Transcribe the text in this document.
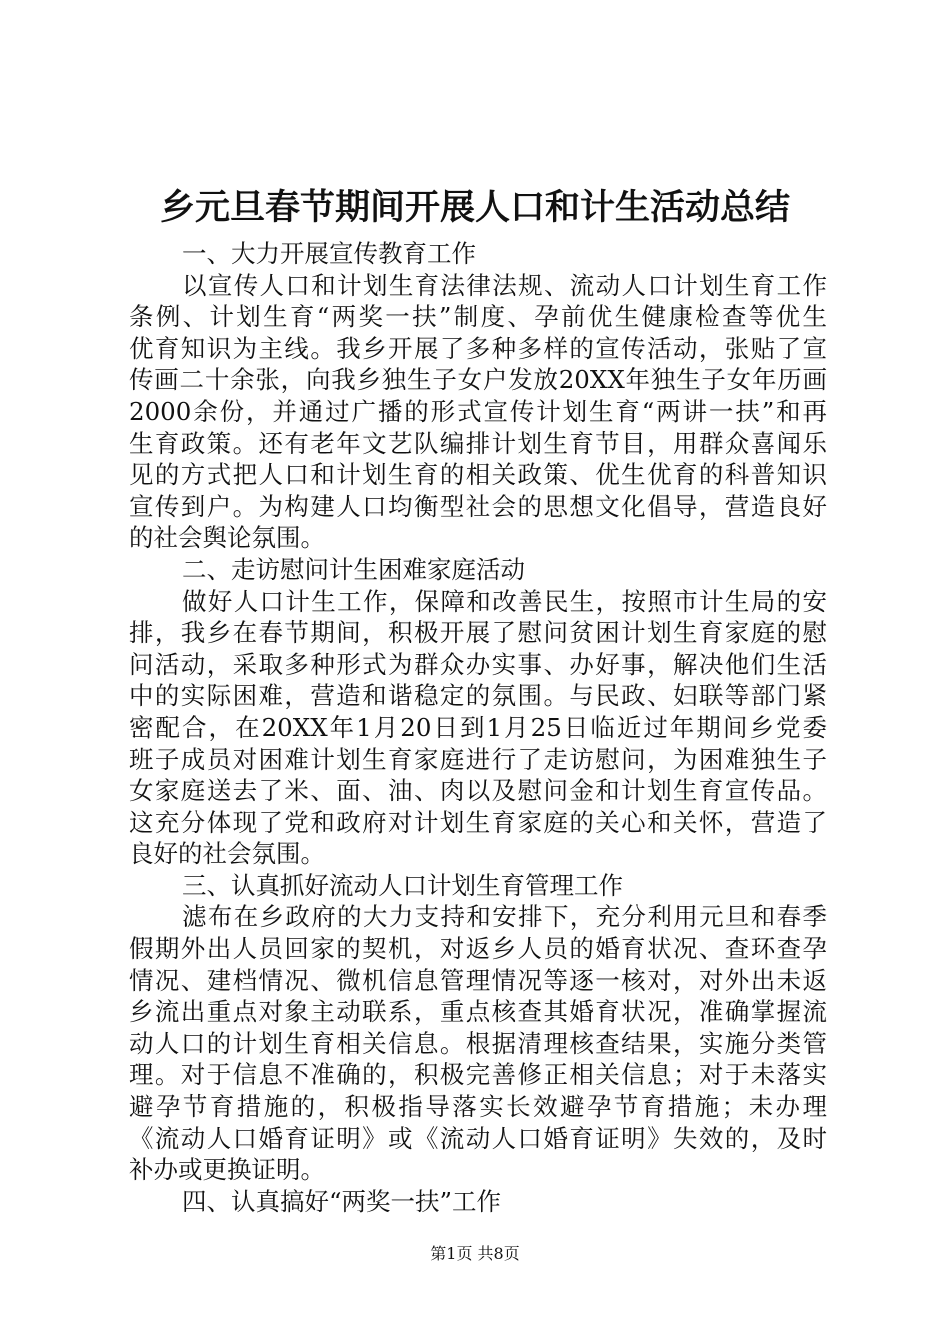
乡元旦春节期间开展人口和计生活动总结
一、大力开展宣传教育工作
以宣传人口和计划生育法律法规、流动人口计划生育工作
条例、计划生育“两奖一扶”制度、孕前优生健康检查等优生
优育知识为主线。我乡开展了多种多样的宣传活动，张贴了宣
传画二十余张，向我乡独生子女户发放20XX年独生子女年历画
2000余份，并通过广播的形式宣传计划生育“两讲一扶”和再
生育政策。还有老年文艺队编排计划生育节目，用群众喜闻乐
见的方式把人口和计划生育的相关政策、优生优育的科普知识
宣传到户。为构建人口均衡型社会的思想文化倡导，营造良好
的社会舆论氛围。
二、走访慰问计生困难家庭活动
做好人口计生工作，保障和改善民生，按照市计生局的安
排，我乡在春节期间，积极开展了慰问贫困计划生育家庭的慰
问活动，采取多种形式为群众办实事、办好事，解决他们生活
中的实际困难，营造和谐稳定的氛围。与民政、妇联等部门紧
密配合，在20XX年1月20日到1月25日临近过年期间乡党委
班子成员对困难计划生育家庭进行了走访慰问，为困难独生子
女家庭送去了米、面、油、肉以及慰问金和计划生育宣传品。
这充分体现了党和政府对计划生育家庭的关心和关怀，营造了
良好的社会氛围。
三、认真抓好流动人口计划生育管理工作
滤布在乡政府的大力支持和安排下，充分利用元旦和春季
假期外出人员回家的契机，对返乡人员的婚育状况、查环查孕
情况、建档情况、微机信息管理情况等逐一核对，对外出未返
乡流出重点对象主动联系，重点核查其婚育状况，准确掌握流
动人口的计划生育相关信息。根据清理核查结果，实施分类管
理。对于信息不准确的，积极完善修正相关信息；对于未落实
避孕节育措施的，积极指导落实长效避孕节育措施；未办理
《流动人口婚育证明》或《流动人口婚育证明》失效的，及时
补办或更换证明。
四、认真搞好“两奖一扶”工作
第1页 共8页
